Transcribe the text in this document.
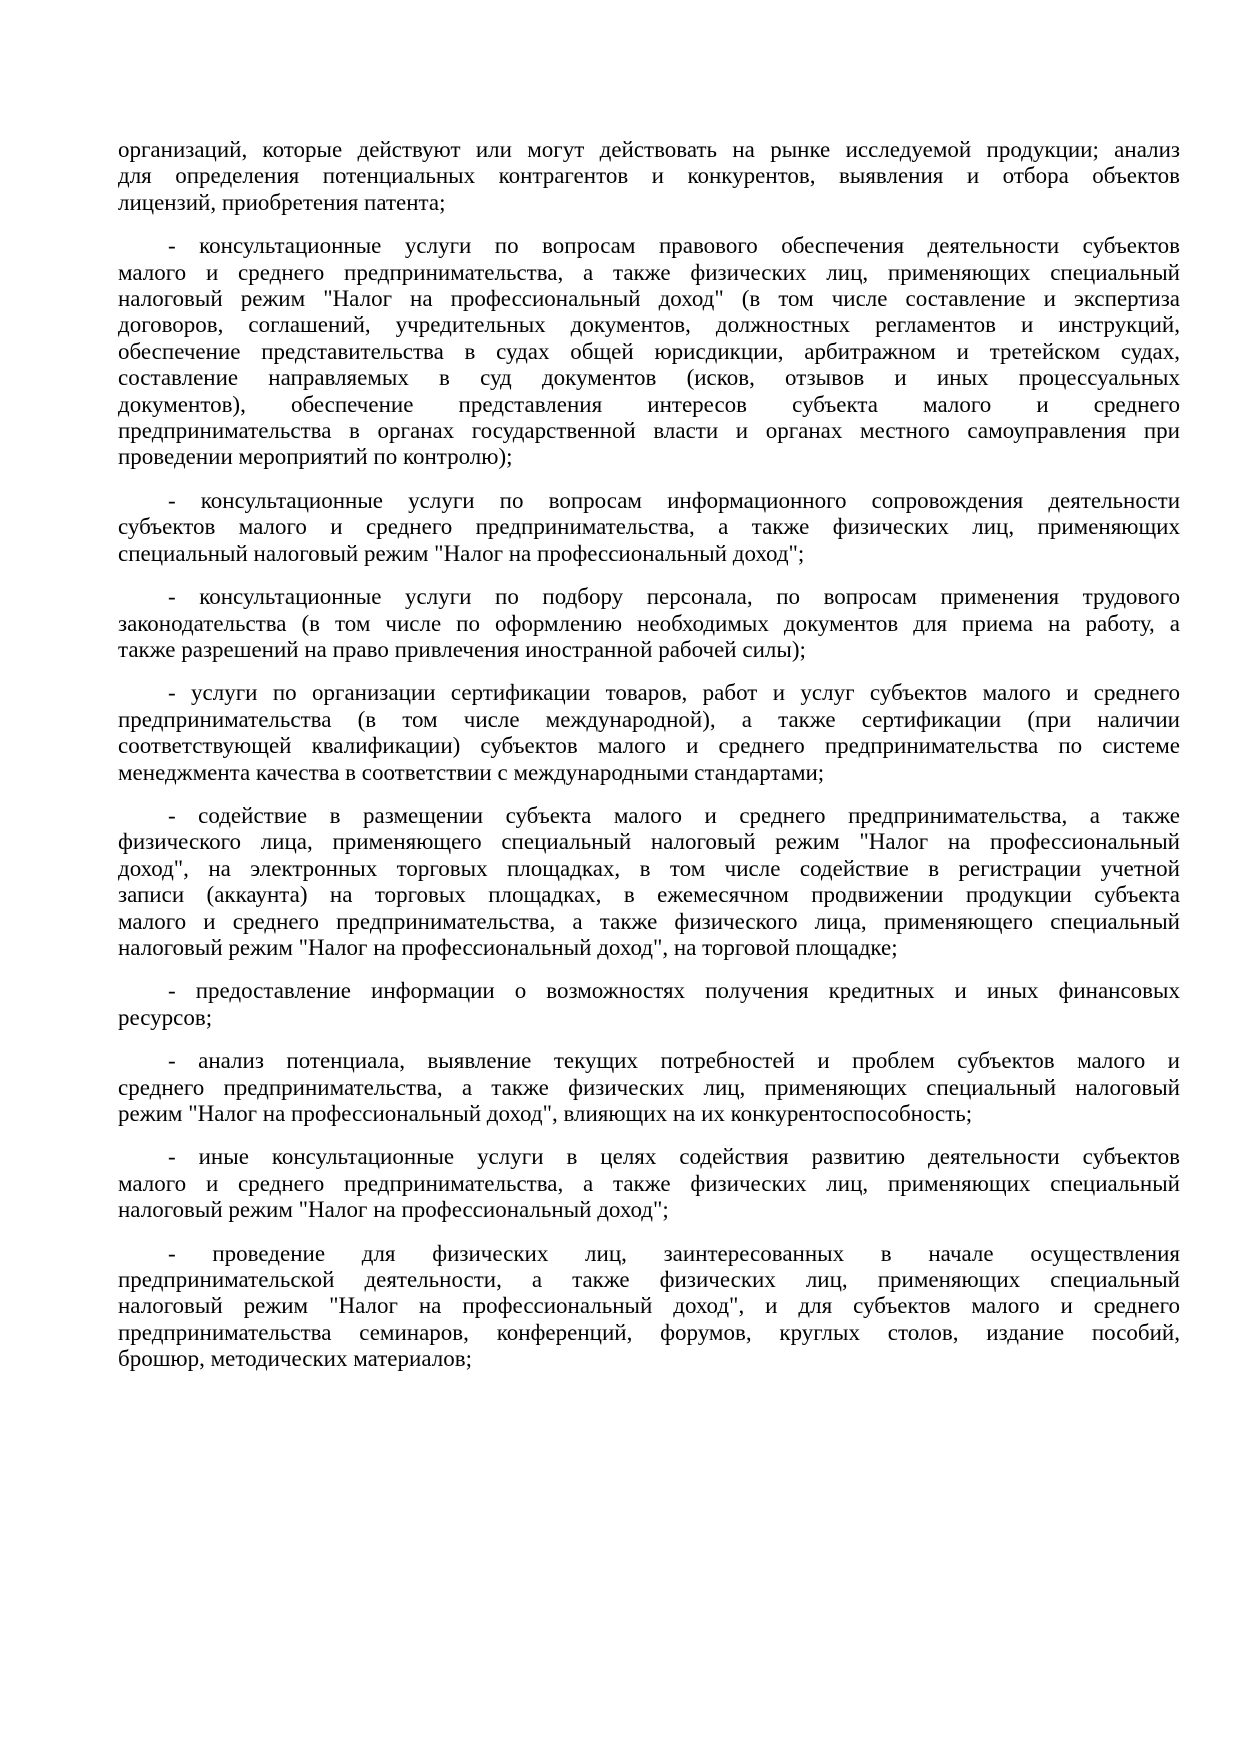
организаций, которые действуют или могут действовать на рынке исследуемой продукции; анализ
для определения потенциальных контрагентов и конкурентов, выявления и отбора объектов
лицензий, приобретения патента;
- консультационные услуги по вопросам правового обеспечения деятельности субъектов
малого и среднего предпринимательства, а также физических лиц, применяющих специальный
налоговый режим "Налог на профессиональный доход" (в том числе составление и экспертиза
договоров, соглашений, учредительных документов, должностных регламентов и инструкций,
обеспечение представительства в судах общей юрисдикции, арбитражном и третейском судах,
составление направляемых в суд документов (исков, отзывов и иных процессуальных
документов), обеспечение представления интересов субъекта малого и среднего
предпринимательства в органах государственной власти и органах местного самоуправления при
проведении мероприятий по контролю);
- консультационные услуги по вопросам информационного сопровождения деятельности
субъектов малого и среднего предпринимательства, а также физических лиц, применяющих
специальный налоговый режим "Налог на профессиональный доход";
- консультационные услуги по подбору персонала, по вопросам применения трудового
законодательства (в том числе по оформлению необходимых документов для приема на работу, а
также разрешений на право привлечения иностранной рабочей силы);
- услуги по организации сертификации товаров, работ и услуг субъектов малого и среднего
предпринимательства (в том числе международной), а также сертификации (при наличии
соответствующей квалификации) субъектов малого и среднего предпринимательства по системе
менеджмента качества в соответствии с международными стандартами;
- содействие в размещении субъекта малого и среднего предпринимательства, а также
физического лица, применяющего специальный налоговый режим "Налог на профессиональный
доход", на электронных торговых площадках, в том числе содействие в регистрации учетной
записи (аккаунта) на торговых площадках, в ежемесячном продвижении продукции субъекта
малого и среднего предпринимательства, а также физического лица, применяющего специальный
налоговый режим "Налог на профессиональный доход", на торговой площадке;
- предоставление информации о возможностях получения кредитных и иных финансовых
ресурсов;
- анализ потенциала, выявление текущих потребностей и проблем субъектов малого и
среднего предпринимательства, а также физических лиц, применяющих специальный налоговый
режим "Налог на профессиональный доход", влияющих на их конкурентоспособность;
- иные консультационные услуги в целях содействия развитию деятельности субъектов
малого и среднего предпринимательства, а также физических лиц, применяющих специальный
налоговый режим "Налог на профессиональный доход";
- проведение для физических лиц, заинтересованных в начале осуществления
предпринимательской деятельности, а также физических лиц, применяющих специальный
налоговый режим "Налог на профессиональный доход", и для субъектов малого и среднего
предпринимательства семинаров, конференций, форумов, круглых столов, издание пособий,
брошюр, методических материалов;
